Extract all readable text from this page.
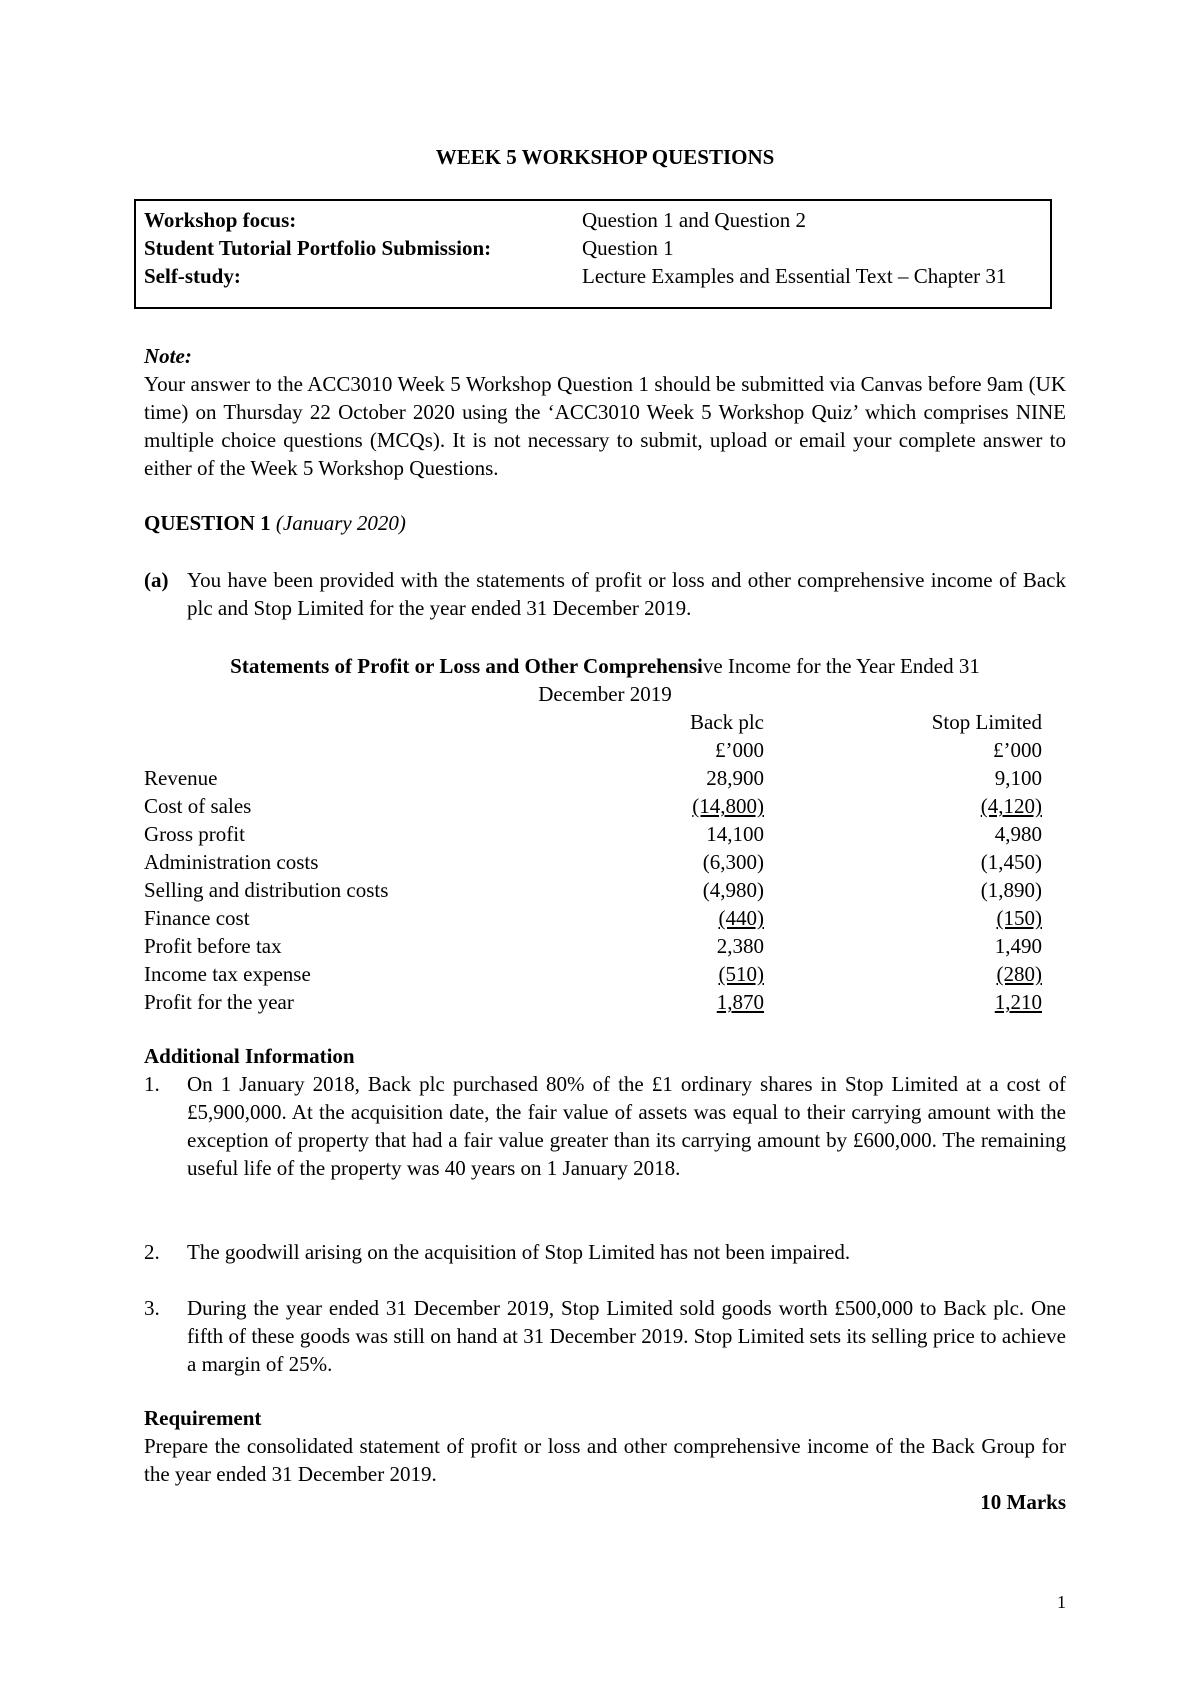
WEEK 5 WORKSHOP QUESTIONS
Workshop focus:	Question 1 and Question 2
Student Tutorial Portfolio Submission:	Question 1
Self-study:	Lecture Examples and Essential Text – Chapter 31
Note:
Your answer to the ACC3010 Week 5 Workshop Question 1 should be submitted via Canvas before 9am (UK time) on Thursday 22 October 2020 using the ‘ACC3010 Week 5 Workshop Quiz’ which comprises NINE multiple choice questions (MCQs). It is not necessary to submit, upload or email your complete answer to either of the Week 5 Workshop Questions.
QUESTION 1 (January 2020)
(a) You have been provided with the statements of profit or loss and other comprehensive income of Back plc and Stop Limited for the year ended 31 December 2019.
Statements of Profit or Loss and Other Comprehensive Income for the Year Ended 31
December 2019
Back plc	Stop Limited
£’000	£’000
Revenue	28,900	9,100
Cost of sales	(14,800)	(4,120)
Gross profit	14,100	4,980
Administration costs	(6,300)	(1,450)
Selling and distribution costs	(4,980)	(1,890)
Finance cost	(440)	(150)
Profit before tax	2,380	1,490
Income tax expense	(510)	(280)
Profit for the year	1,870	1,210
Additional Information
1. On 1 January 2018, Back plc purchased 80% of the £1 ordinary shares in Stop Limited at a cost of £5,900,000. At the acquisition date, the fair value of assets was equal to their carrying amount with the exception of property that had a fair value greater than its carrying amount by £600,000. The remaining useful life of the property was 40 years on 1 January 2018.
2. The goodwill arising on the acquisition of Stop Limited has not been impaired.
3. During the year ended 31 December 2019, Stop Limited sold goods worth £500,000 to Back plc. One fifth of these goods was still on hand at 31 December 2019. Stop Limited sets its selling price to achieve a margin of 25%.
Requirement
Prepare the consolidated statement of profit or loss and other comprehensive income of the Back Group for the year ended 31 December 2019.
10 Marks
1
